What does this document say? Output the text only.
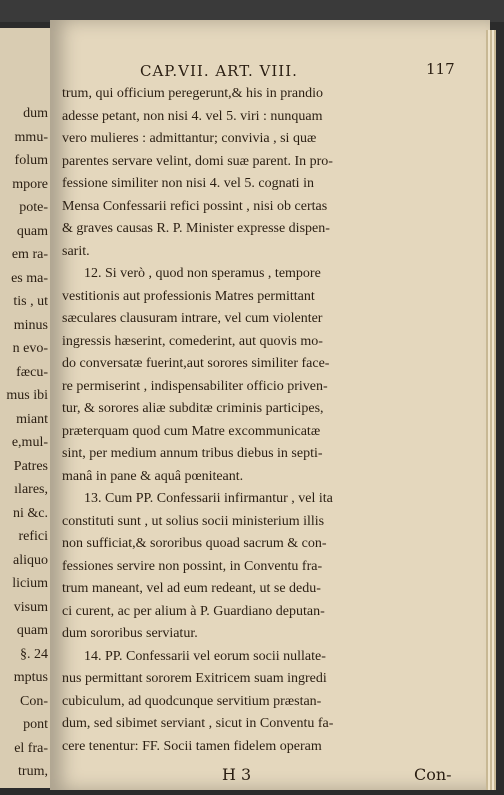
dum
mmu-
folum
mpore
pote-
quam
em ra-
es ma-
tis , ut
minus
n evo-
fæcu-
mus ibi
miant
e,mul-
Patres
ılares,
ni &c.
refici
aliquo
licium
visum
quam
§. 24
mptus
Con-
pont
el fra-
trum,
CAP.VII. ART. VIII.	117
trum, qui officium peregerunt,& his in prandio
adesse petant, non nisi 4. vel 5. viri : nunquam
vero mulieres : admittantur; convivia , si quæ
parentes servare velint, domi suæ parent. In pro-
fessione similiter non nisi 4. vel 5. cognati in
Mensa Confessarii refici possint , nisi ob certas
& graves causas R. P. Minister expresse dispen-
sarit.
12. Si verò , quod non speramus , tempore
vestitionis aut professionis Matres permittant
sæculares clausuram intrare, vel cum violenter
ingressis hæserint, comederint, aut quovis mo-
do conversatæ fuerint,aut sorores similiter face-
re permiserint , indispensabiliter officio priven-
tur, & sorores aliæ subditæ criminis participes,
præterquam quod cum Matre excommunicatæ
sint, per medium annum tribus diebus in septi-
manâ in pane & aquâ pœniteant.
13. Cum PP. Confessarii infirmantur , vel ita
constituti sunt , ut solius socii ministerium illis
non sufficiat,& sororibus quoad sacrum & con-
fessiones servire non possint, in Conventu fra-
trum maneant, vel ad eum redeant, ut se dedu-
ci curent, ac per alium à P. Guardiano deputan-
dum sororibus serviatur.
14. PP. Confessarii vel eorum socii nullate-
nus permittant sororem Exitricem suam ingredi
cubiculum, ad quodcunque servitium præstan-
dum, sed sibimet serviant , sicut in Conventu fa-
cere tenentur: FF. Socii tamen fidelem operam
H 3	Con-
